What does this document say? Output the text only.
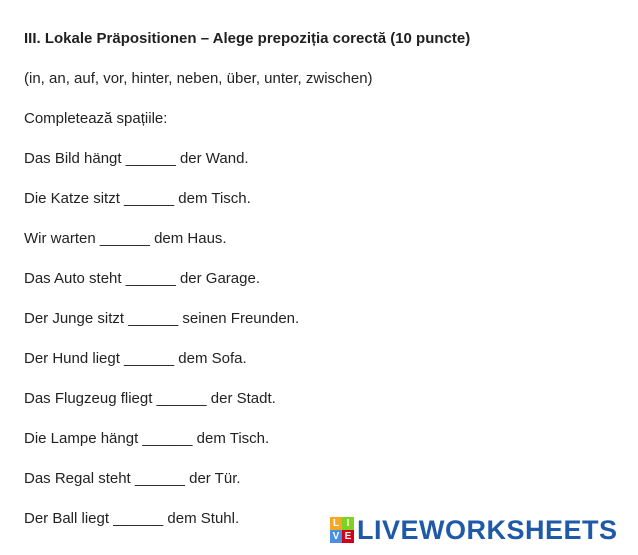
III. Lokale Präpositionen – Alege prepoziția corectă (10 puncte)
(in, an, auf, vor, hinter, neben, über, unter, zwischen)
Completează spațiile:
Das Bild hängt ______ der Wand.
Die Katze sitzt ______ dem Tisch.
Wir warten ______ dem Haus.
Das Auto steht ______ der Garage.
Der Junge sitzt ______ seinen Freunden.
Der Hund liegt ______ dem Sofa.
Das Flugzeug fliegt ______ der Stadt.
Die Lampe hängt ______ dem Tisch.
Das Regal steht ______ der Tür.
Der Ball liegt ______ dem Stuhl.	L I
V E LIVEWORKSHEETS
